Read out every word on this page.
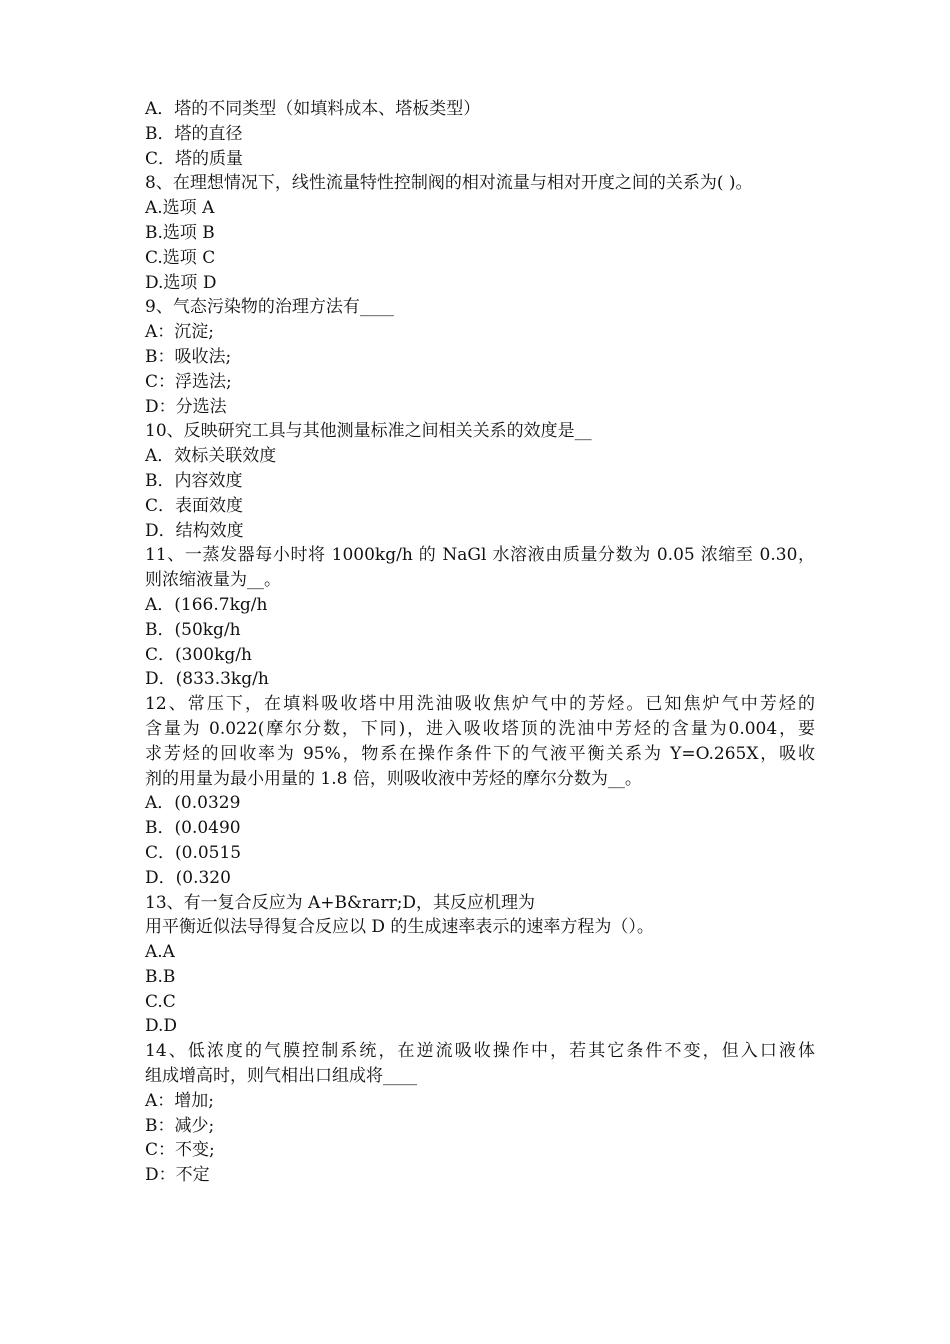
A．塔的不同类型（如填料成本、塔板类型）
B．塔的直径
C．塔的质量
8、在理想情况下，线性流量特性控制阀的相对流量与相对开度之间的关系为( )。
A.选项 A
B.选项 B
C.选项 C
D.选项 D
9、气态污染物的治理方法有____
A：沉淀;
B：吸收法;
C：浮选法;
D：分选法
10、反映研究工具与其他测量标准之间相关关系的效度是__
A．效标关联效度
B．内容效度
C．表面效度
D．结构效度
11、一蒸发器每小时将 1000kg/h 的 NaGl 水溶液由质量分数为 0.05 浓缩至 0.30，
则浓缩液量为__。
A．(166.7kg/h
B．(50kg/h
C．(300kg/h
D．(833.3kg/h
12、常压下，在填料吸收塔中用洗油吸收焦炉气中的芳烃。已知焦炉气中芳烃的
含量为 0.022(摩尔分数，下同)，进入吸收塔顶的洗油中芳烃的含量为0.004，要
求芳烃的回收率为 95%，物系在操作条件下的气液平衡关系为 Y=O.265X，吸收
剂的用量为最小用量的 1.8 倍，则吸收液中芳烃的摩尔分数为__。
A．(0.0329
B．(0.0490
C．(0.0515
D．(0.320
13、有一复合反应为 A+B&rarr;D，其反应机理为
用平衡近似法导得复合反应以 D 的生成速率表示的速率方程为（）。
A.A
B.B
C.C
D.D
14、低浓度的气膜控制系统，在逆流吸收操作中，若其它条件不变，但入口液体
组成增高时，则气相出口组成将____
A：增加;
B：减少;
C：不变;
D：不定
